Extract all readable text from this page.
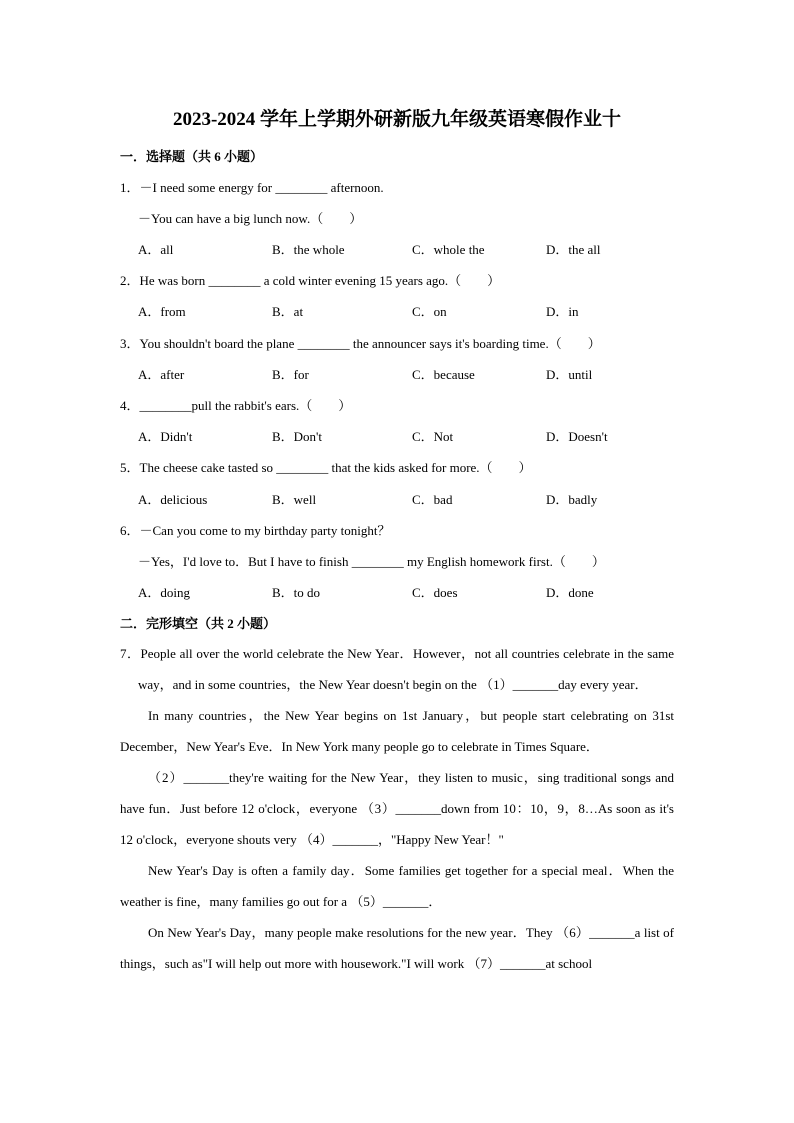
2023-2024 学年上学期外研新版九年级英语寒假作业十
一．选择题（共 6 小题）
1．－I need some energy for ________ afternoon.
－You can have a big lunch now.（　　）
A．all	B．the whole	C．whole the	D．the all
2．He was born ________ a cold winter evening 15 years ago.（　　）
A．from	B．at	C．on	D．in
3．You shouldn't board the plane ________ the announcer says it's boarding time.（　　）
A．after	B．for	C．because	D．until
4．________pull the rabbit's ears.（　　）
A．Didn't	B．Don't	C．Not	D．Doesn't
5．The cheese cake tasted so ________ that the kids asked for more.（　　）
A．delicious	B．well	C．bad	D．badly
6．－Can you come to my birthday party tonight？
－Yes，I'd love to．But I have to finish ________ my English homework first.（　　）
A．doing	B．to do	C．does	D．done
二．完形填空（共 2 小题）

7．People all over the world celebrate the New Year．However，not all countries celebrate in the same way，and in some countries，the New Year doesn't begin on the （1）_______day every year．

In many countries，the New Year begins on 1st January，but people start celebrating on 31st December，New Year's Eve．In New York many people go to celebrate in Times Square．

（2）_______they're waiting for the New Year，they listen to music，sing traditional songs and have fun．Just before 12 o'clock，everyone （3）_______down from 10：10，9，8…As soon as it's 12 o'clock，everyone shouts very （4）_______，"Happy New Year！"

New Year's Day is often a family day．Some families get together for a special meal．When the weather is fine，many families go out for a （5）_______．

On New Year's Day，many people make resolutions for the new year．They （6）_______a list of things，such as"I will help out more with housework."I will work （7）_______at school
